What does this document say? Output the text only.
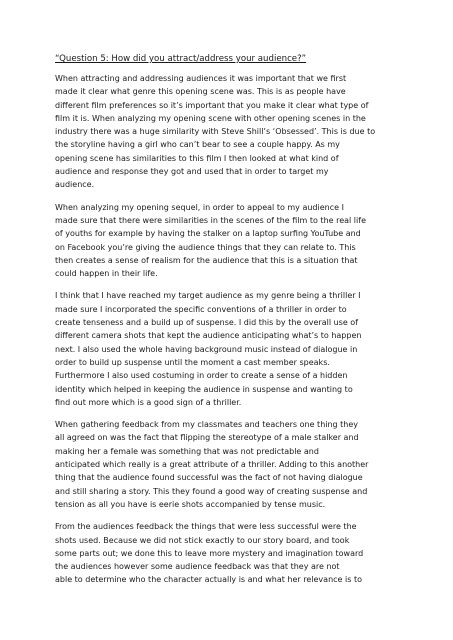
“Question 5: How did you attract/address your audience?”
When attracting and addressing audiences it was important that we first
made it clear what genre this opening scene was. This is as people have
different film preferences so it’s important that you make it clear what type of
film it is. When analyzing my opening scene with other opening scenes in the
industry there was a huge similarity with Steve Shill’s ‘Obsessed’. This is due to
the storyline having a girl who can’t bear to see a couple happy. As my
opening scene has similarities to this film I then looked at what kind of
audience and response they got and used that in order to target my
audience.
When analyzing my opening sequel, in order to appeal to my audience I
made sure that there were similarities in the scenes of the film to the real life
of youths for example by having the stalker on a laptop surfing YouTube and
on Facebook you’re giving the audience things that they can relate to. This
then creates a sense of realism for the audience that this is a situation that
could happen in their life.
I think that I have reached my target audience as my genre being a thriller I
made sure I incorporated the specific conventions of a thriller in order to
create tenseness and a build up of suspense. I did this by the overall use of
different camera shots that kept the audience anticipating what’s to happen
next. I also used the whole having background music instead of dialogue in
order to build up suspense until the moment a cast member speaks.
Furthermore I also used costuming in order to create a sense of a hidden
identity which helped in keeping the audience in suspense and wanting to
find out more which is a good sign of a thriller.
When gathering feedback from my classmates and teachers one thing they
all agreed on was the fact that flipping the stereotype of a male stalker and
making her a female was something that was not predictable and
anticipated which really is a great attribute of a thriller. Adding to this another
thing that the audience found successful was the fact of not having dialogue
and still sharing a story. This they found a good way of creating suspense and
tension as all you have is eerie shots accompanied by tense music.
From the audiences feedback the things that were less successful were the
shots used. Because we did not stick exactly to our story board, and took
some parts out; we done this to leave more mystery and imagination toward
the audiences however some audience feedback was that they are not
able to determine who the character actually is and what her relevance is to
